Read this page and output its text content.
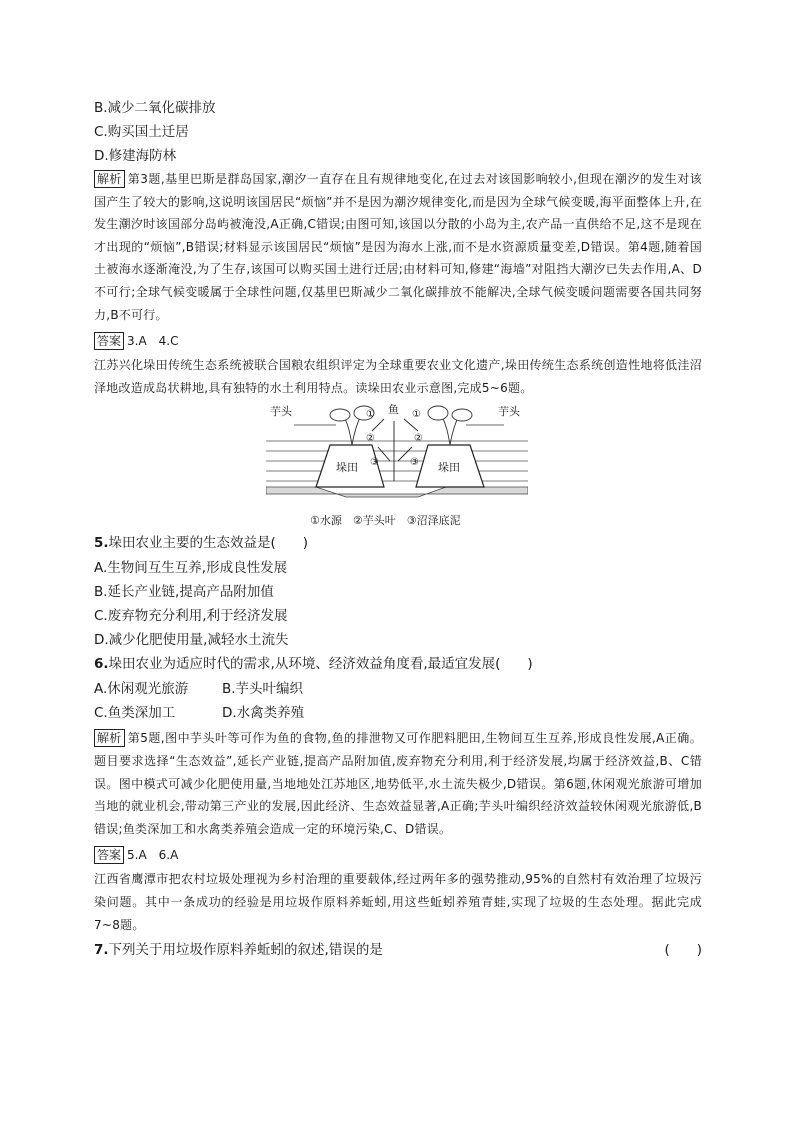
B.减少二氧化碳排放
C.购买国土迁居
D.修建海防林

解析 第3题,基里巴斯是群岛国家,潮汐一直存在且有规律地变化,在过去对该国影响较小,但现在潮汐的发生对该国产生了较大的影响,这说明该国居民“烦恼”并不是因为潮汐规律变化,而是因为全球气候变暖,海平面整体上升,在发生潮汐时该国部分岛屿被淹没,A正确,C错误;由图可知,该国以分散的小岛为主,农产品一直供给不足,这不是现在才出现的“烦恼”,B错误;材料显示该国居民“烦恼”是因为海水上涨,而不是水资源质量变差,D错误。第4题,随着国土被海水逐渐淹没,为了生存,该国可以购买国土进行迁居;由材料可知,修建“海墙”对阻挡大潮汐已失去作用,A、D不可行;全球气候变暖属于全球性问题,仅基里巴斯减少二氧化碳排放不能解决,全球气候变暖问题需要各国共同努力,B不可行。

答案 3.A　4.C

江苏兴化垛田传统生态系统被联合国粮农组织评定为全球重要农业文化遗产,垛田传统生态系统创造性地将低洼沼泽地改造成岛状耕地,具有独特的水土利用特点。读垛田农业示意图,完成5~6题。

垛田	垛田
芋头	芋头
鱼
①	①
②	②
③	③
①水源　②芋头叶　③沼泽底泥
5.垛田农业主要的生态效益是(　　)
A.生物间互生互养,形成良性发展
B.延长产业链,提高产品附加值
C.废弃物充分利用,利于经济发展
D.减少化肥使用量,减轻水土流失
6.垛田农业为适应时代的需求,从环境、经济效益角度看,最适宜发展(　　)
A.休闲观光旅游	B.芋头叶编织
C.鱼类深加工	D.水禽类养殖

解析 第5题,图中芋头叶等可作为鱼的食物,鱼的排泄物又可作肥料肥田,生物间互生互养,形成良性发展,A正确。题目要求选择“生态效益”,延长产业链,提高产品附加值,废弃物充分利用,利于经济发展,均属于经济效益,B、C错误。图中模式可减少化肥使用量,当地地处江苏地区,地势低平,水土流失极少,D错误。第6题,休闲观光旅游可增加当地的就业机会,带动第三产业的发展,因此经济、生态效益显著,A正确;芋头叶编织经济效益较休闲观光旅游低,B错误;鱼类深加工和水禽类养殖会造成一定的环境污染,C、D错误。

答案 5.A　6.A

江西省鹰潭市把农村垃圾处理视为乡村治理的重要载体,经过两年多的强势推动,95%的自然村有效治理了垃圾污染问题。其中一条成功的经验是用垃圾作原料养蚯蚓,用这些蚯蚓养殖青蛙,实现了垃圾的生态处理。据此完成7~8题。

7.下列关于用垃圾作原料养蚯蚓的叙述,错误的是	(　　)
